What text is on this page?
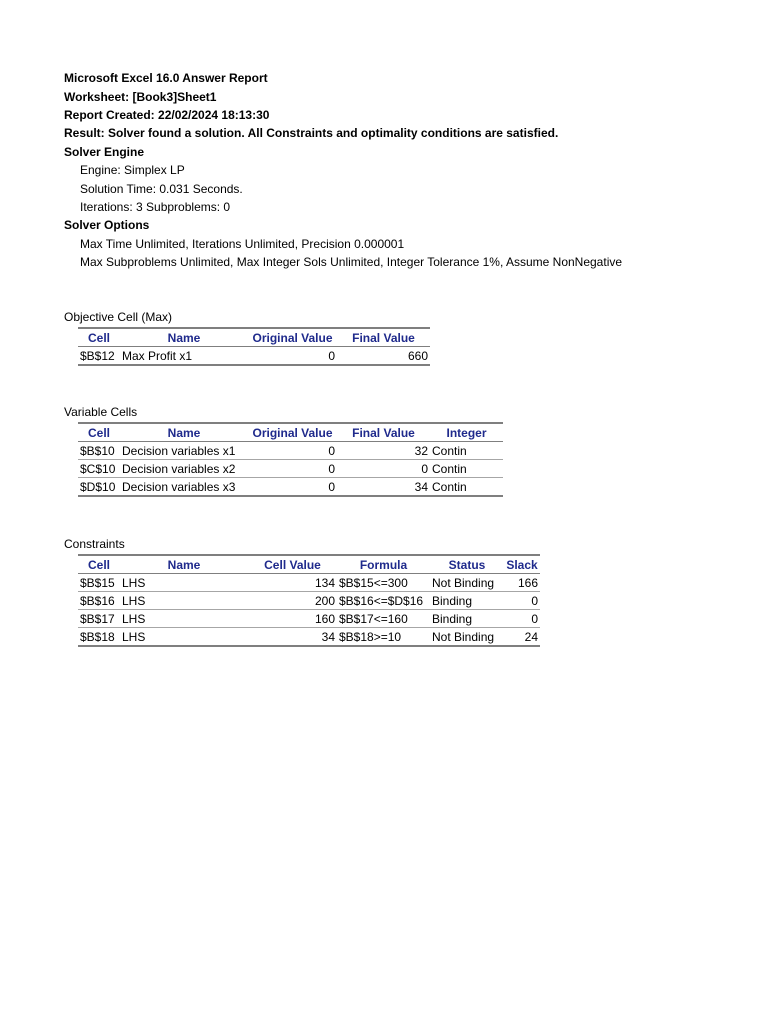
Microsoft Excel 16.0 Answer Report
Worksheet: [Book3]Sheet1
Report Created: 22/02/2024 18:13:30
Result: Solver found a solution. All Constraints and optimality conditions are satisfied.
Solver Engine
Engine: Simplex LP
Solution Time: 0.031 Seconds.
Iterations: 3 Subproblems: 0
Solver Options
Max Time Unlimited, Iterations Unlimited, Precision 0.000001
Max Subproblems Unlimited, Max Integer Sols Unlimited, Integer Tolerance 1%, Assume NonNegative
Objective Cell (Max)
Cell	Name	Original Value	Final Value
$B$12	Max Profit x1	0	660
Variable Cells
Cell	Name	Original Value	Final Value	Integer
$B$10	Decision variables x1	0	32	Contin
$C$10	Decision variables x2	0	0	Contin
$D$10	Decision variables x3	0	34	Contin
Constraints
Cell	Name	Cell Value	Formula	Status	Slack
$B$15	LHS	134	$B$15<=300	Not Binding	166
$B$16	LHS	200	$B$16<=$D$16	Binding	0
$B$17	LHS	160	$B$17<=160	Binding	0
$B$18	LHS	34	$B$18>=10	Not Binding	24
